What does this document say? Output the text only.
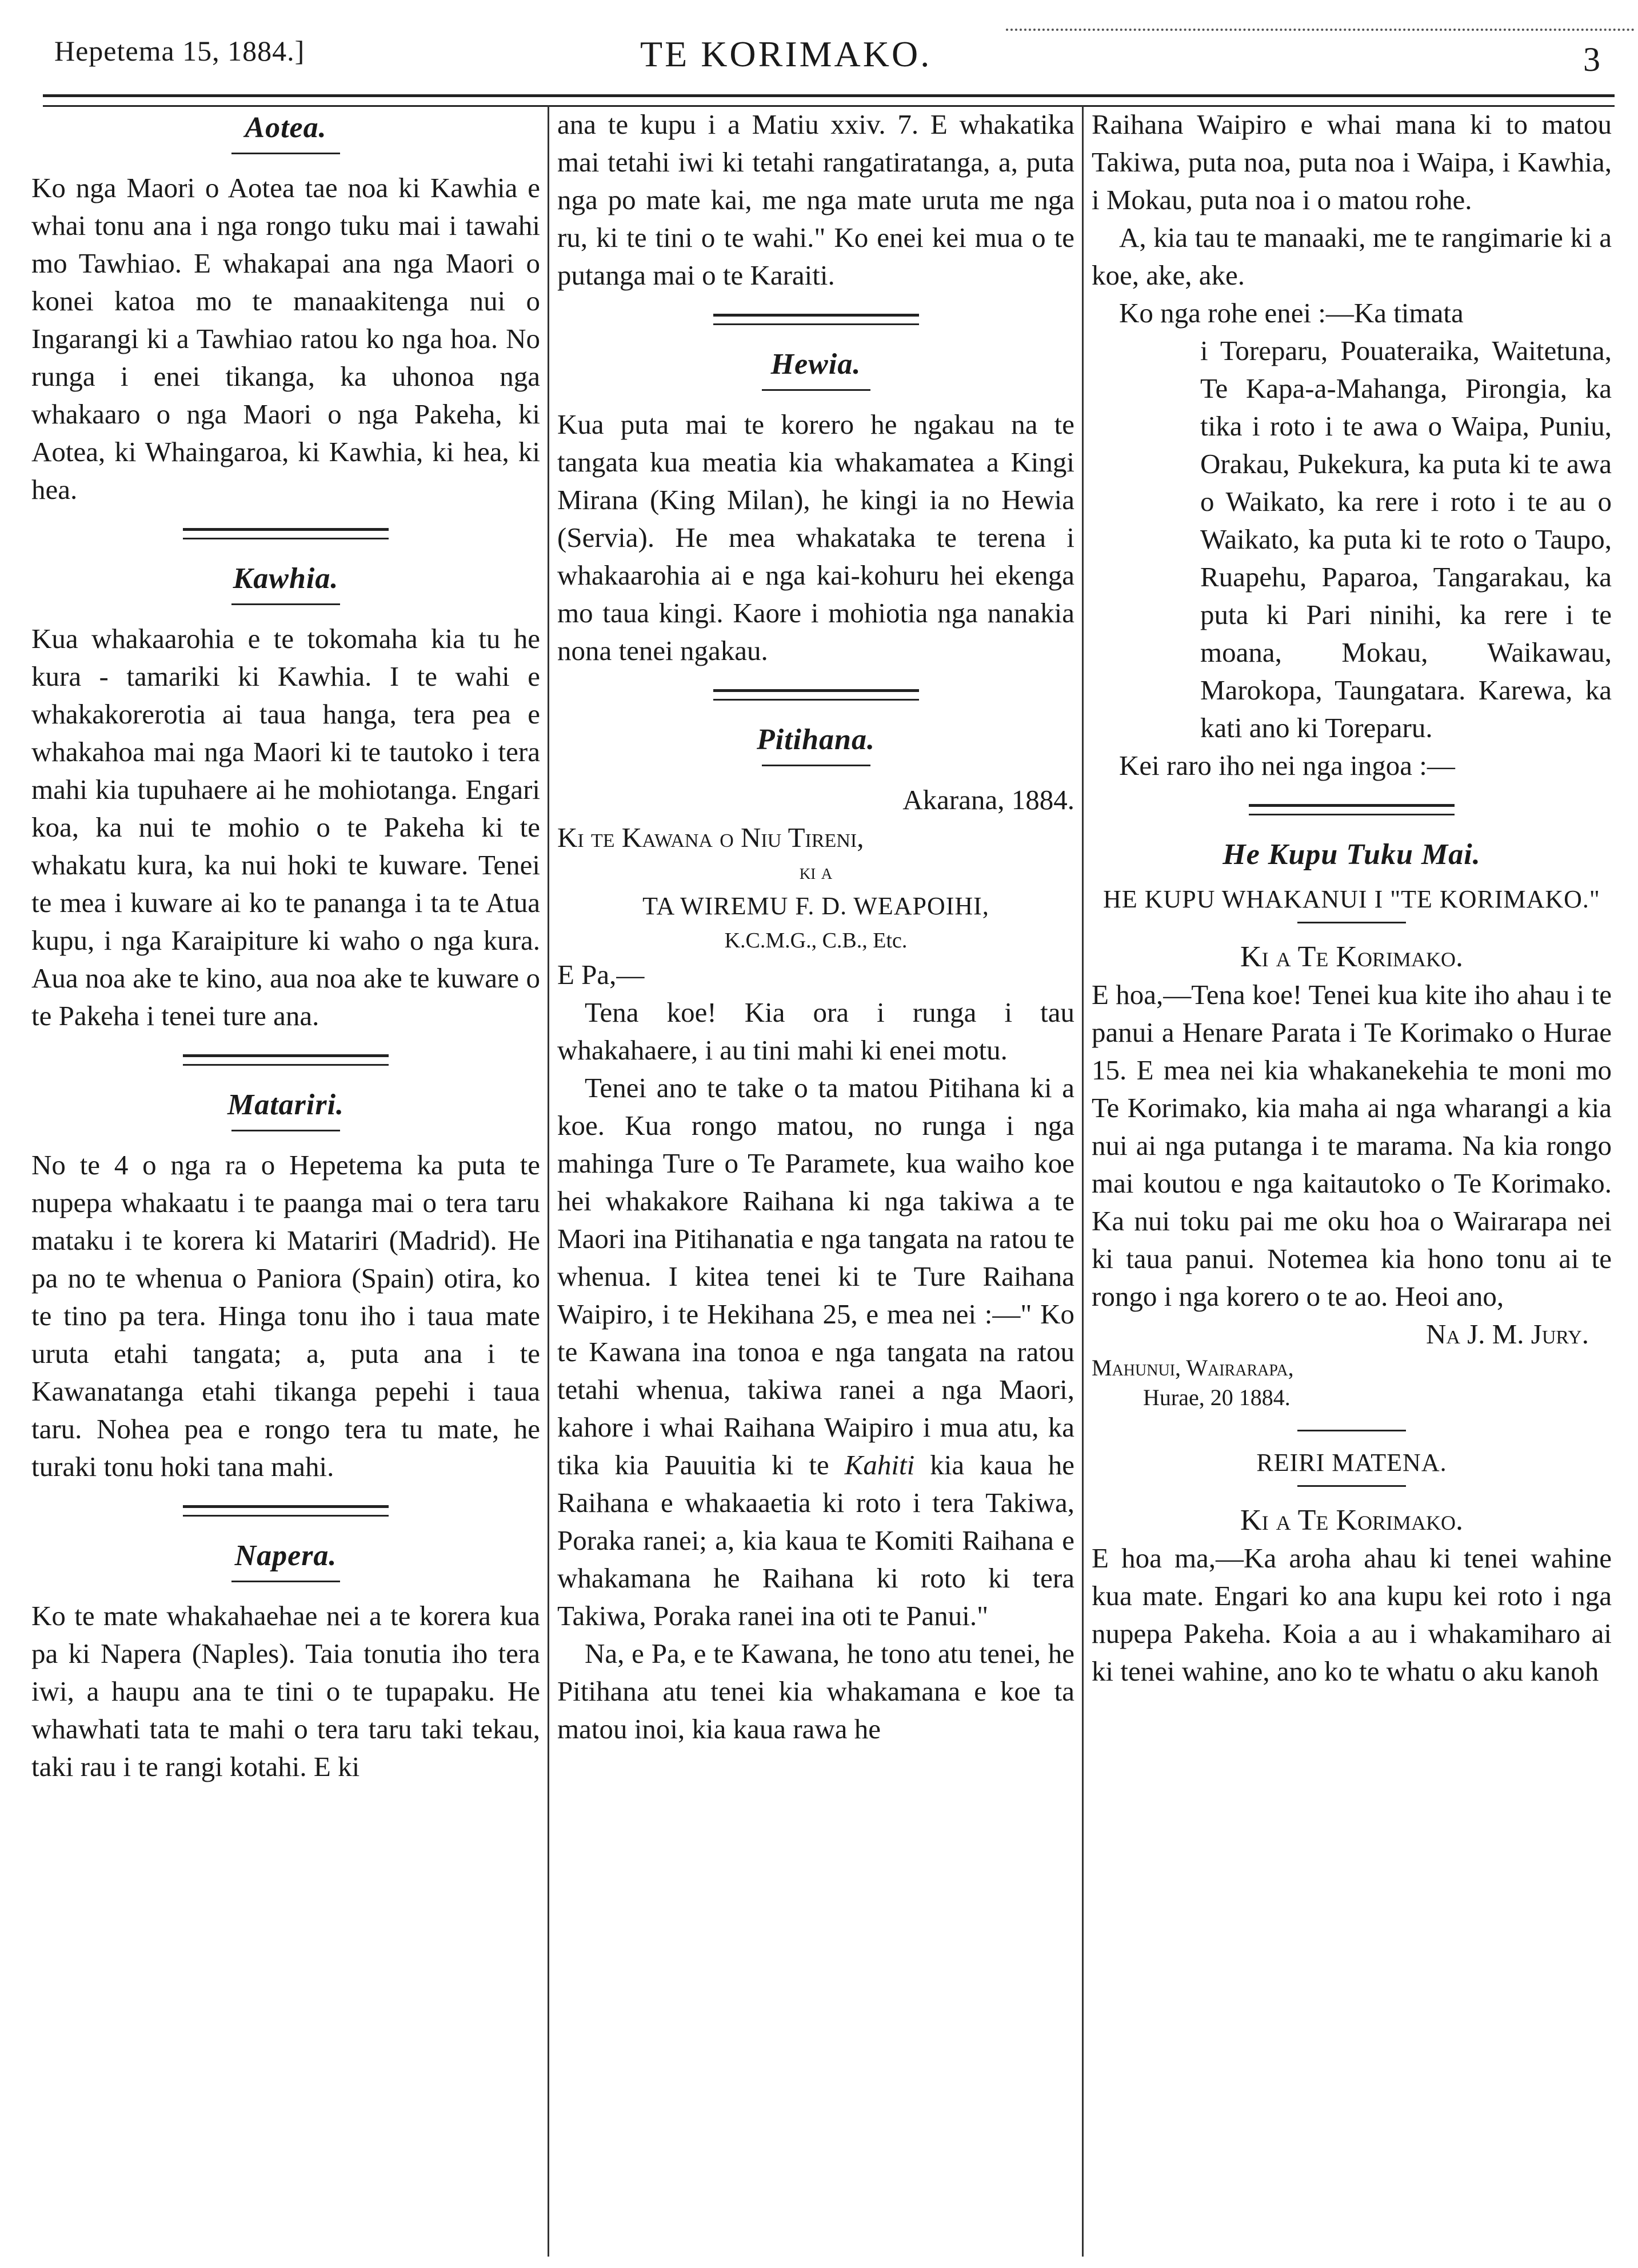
Hepetema 15, 1884.]	TE KORIMAKO.	3
Aotea.

Ko nga Maori o Aotea tae noa ki Kawhia e whai tonu ana i nga rongo tuku mai i tawahi mo Tawhiao. E whakapai ana nga Maori o konei katoa mo te manaakitenga nui o Ingarangi ki a Tawhiao ratou ko nga hoa. No runga i enei tikanga, ka uhonoa nga whakaaro o nga Maori o nga Pakeha, ki Aotea, ki Whaingaroa, ki Kawhia, ki hea, ki hea.

Kawhia.

Kua whakaarohia e te tokomaha kia tu he kura - tamariki ki Kawhia. I te wahi e whakakorerotia ai taua hanga, tera pea e whakahoa mai nga Maori ki te tautoko i tera mahi kia tupuhaere ai he mohiotanga. Engari koa, ka nui te mohio o te Pakeha ki te whakatu kura, ka nui hoki te kuware. Tenei te mea i kuware ai ko te pananga i ta te Atua kupu, i nga Karaipiture ki waho o nga kura. Aua noa ake te kino, aua noa ake te kuware o te Pakeha i tenei ture ana.

Matariri.

No te 4 o nga ra o Hepetema ka puta te nupepa whakaatu i te paanga mai o tera taru mataku i te korera ki Matariri (Madrid). He pa no te whenua o Paniora (Spain) otira, ko te tino pa tera. Hinga tonu iho i taua mate uruta etahi tangata; a, puta ana i te Kawanatanga etahi tikanga pepehi i taua taru. Nohea pea e rongo tera tu mate, he turaki tonu hoki tana mahi.

Napera.

Ko te mate whakahaehae nei a te korera kua pa ki Napera (Naples). Taia tonutia iho tera iwi, a haupu ana te tini o te tupapaku. He whawhati tata te mahi o tera taru taki tekau, taki rau i te rangi kotahi. E ki

ana te kupu i a Matiu xxiv. 7. E whakatika mai tetahi iwi ki tetahi rangatiratanga, a, puta nga po mate kai, me nga mate uruta me nga ru, ki te tini o te wahi." Ko enei kei mua o te putanga mai o te Karaiti.

Hewia.

Kua puta mai te korero he ngakau na te tangata kua meatia kia whakamatea a Kingi Mirana (King Milan), he kingi ia no Hewia (Servia). He mea whakataka te terena i whakaarohia ai e nga kai-kohuru hei ekenga mo taua kingi. Kaore i mohiotia nga nanakia nona tenei ngakau.

Pitihana.

Akarana, 1884.

Ki te Kawana o Niu Tireni,

ki a

TA WIREMU F. D. WEAPOIHI,

K.C.M.G., C.B., Etc.

E Pa,—

Tena koe! Kia ora i runga i tau whakahaere, i au tini mahi ki enei motu.

Tenei ano te take o ta matou Pitihana ki a koe. Kua rongo matou, no runga i nga mahinga Ture o Te Paramete, kua waiho koe hei whakakore Raihana ki nga takiwa a te Maori ina Pitihanatia e nga tangata na ratou te whenua. I kitea tenei ki te Ture Raihana Waipiro, i te Hekihana 25, e mea nei :—" Ko te Kawana ina tonoa e nga tangata na ratou tetahi whenua, takiwa ranei a nga Maori, kahore i whai Raihana Waipiro i mua atu, ka tika kia Pauuitia ki te Kahiti kia kaua he Raihana e whakaaetia ki roto i tera Takiwa, Poraka ranei; a, kia kaua te Komiti Raihana e whakamana he Raihana ki roto ki tera Takiwa, Poraka ranei ina oti te Panui."

Na, e Pa, e te Kawana, he tono atu tenei, he Pitihana atu tenei kia whakamana e koe ta matou inoi, kia kaua rawa he

Raihana Waipiro e whai mana ki to matou Takiwa, puta noa, puta noa i Waipa, i Kawhia, i Mokau, puta noa i o matou rohe.

A, kia tau te manaaki, me te rangimarie ki a koe, ake, ake.

Ko nga rohe enei :—Ka timata

i Toreparu, Pouateraika, Waitetuna, Te Kapa-a-Mahanga, Pirongia, ka tika i roto i te awa o Waipa, Puniu, Orakau, Pukekura, ka puta ki te awa o Waikato, ka rere i roto i te au o Waikato, ka puta ki te roto o Taupo, Ruapehu, Paparoa, Tangarakau, ka puta ki Pari ninihi, ka rere i te moana, Mokau, Waikawau, Marokopa, Taungatara. Karewa, ka kati ano ki Toreparu.

Kei raro iho nei nga ingoa :—

He Kupu Tuku Mai.
HE KUPU WHAKANUI I "TE KORIMAKO."

Ki a Te Korimako.

E hoa,—Tena koe! Tenei kua kite iho ahau i te panui a Henare Parata i Te Korimako o Hurae 15. E mea nei kia whakanekehia te moni mo Te Korimako, kia maha ai nga wharangi a kia nui ai nga putanga i te marama. Na kia rongo mai koutou e nga kaitautoko o Te Korimako. Ka nui toku pai me oku hoa o Wairarapa nei ki taua panui. Notemea kia hono tonu ai te rongo i nga korero o te ao. Heoi ano,

Na J. M. Jury.

Mahunui, Wairarapa,

Hurae, 20 1884.

REIRI MATENA.

Ki a Te Korimako.

E hoa ma,—Ka aroha ahau ki tenei wahine kua mate. Engari ko ana kupu kei roto i nga nupepa Pakeha. Koia a au i whakamiharo ai ki tenei wahine, ano ko te whatu o aku kanoh
